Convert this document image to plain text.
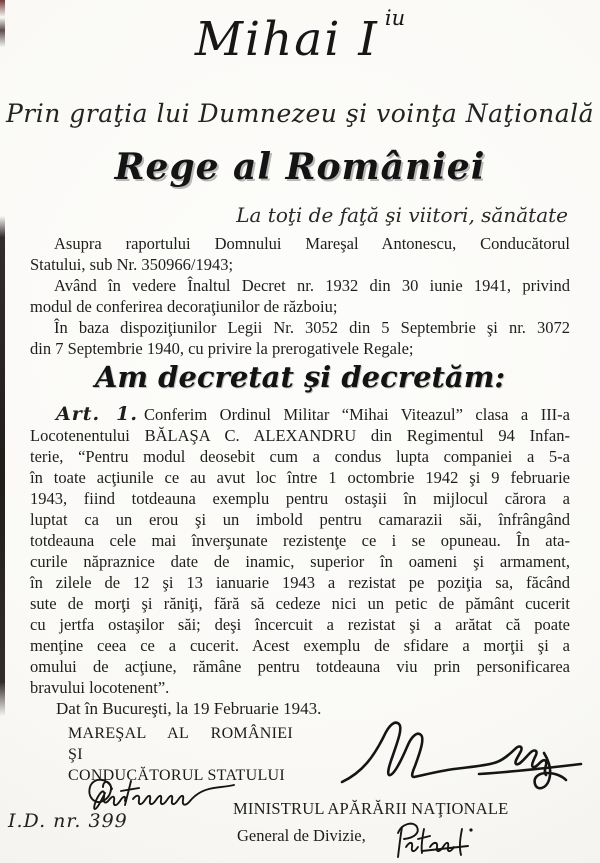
Mihai I $^{iu}$
Prin graţia lui Dumnezeu şi voinţa Naţională
Rege al României
La toţi de faţă şi viitori, sănătate
Asupra raportului Domnului Mareşal Antonescu, Conducătorul
Statului, sub Nr. 350966/1943;
Având în vedere Înaltul Decret nr. 1932 din 30 iunie 1941, privind
modul de conferirea decoraţiunilor de războiu;
În baza dispoziţiunilor Legii Nr. 3052 din 5 Septembrie şi nr. 3072
din 7 Septembrie 1940, cu privire la prerogativele Regale;
Am decretat şi decretăm:
Art. 1. Conferim Ordinul Militar “Mihai Viteazul” clasa a III-a
Locotenentului BĂLAŞA C. ALEXANDRU din Regimentul 94 Infan-
terie, “Pentru modul deosebit cum a condus lupta companiei a 5-a
în toate acţiunile ce au avut loc între 1 octombrie 1942 şi 9 februarie
1943, fiind totdeauna exemplu pentru ostaşii în mijlocul cărora a
luptat ca un erou şi un imbold pentru camarazii săi, înfrângând
totdeauna cele mai înverşunate rezistenţe ce i se opuneau. În ata-
curile năpraznice date de inamic, superior în oameni şi armament,
în zilele de 12 şi 13 ianuarie 1943 a rezistat pe poziţia sa, făcând
sute de morţi şi răniţi, fără să cedeze nici un petic de pământ cucerit
cu jertfa ostaşilor săi; deşi încercuit a rezistat şi a arătat că poate
menţine ceea ce a cucerit. Acest exemplu de sfidare a morţii şi a
omului de acţiune, rămâne pentru totdeauna viu prin personificarea
bravului locotenent”.
Dat în Bucureşti, la 19 Februarie 1943.
MAREŞAL AL ROMÂNIEI
ŞI
CONDUCĂTORUL STATULUI
MINISTRUL APĂRĂRII NAŢIONALE
I.D. nr. 399
General de Divizie,
